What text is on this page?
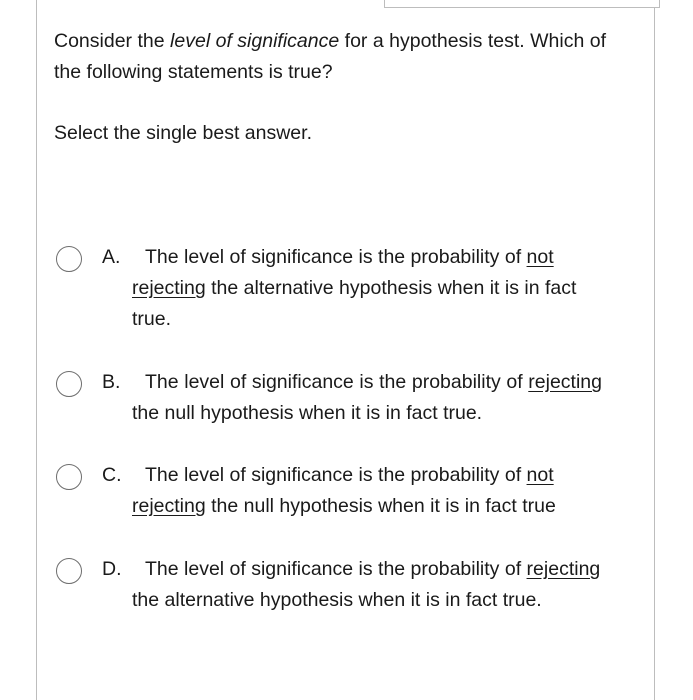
Consider the level of significance for a hypothesis test. Which of the following statements is true?
Select the single best answer.
A. The level of significance is the probability of not rejecting the alternative hypothesis when it is in fact true.
B. The level of significance is the probability of rejecting the null hypothesis when it is in fact true.
C. The level of significance is the probability of not rejecting the null hypothesis when it is in fact true
D. The level of significance is the probability of rejecting the alternative hypothesis when it is in fact true.
